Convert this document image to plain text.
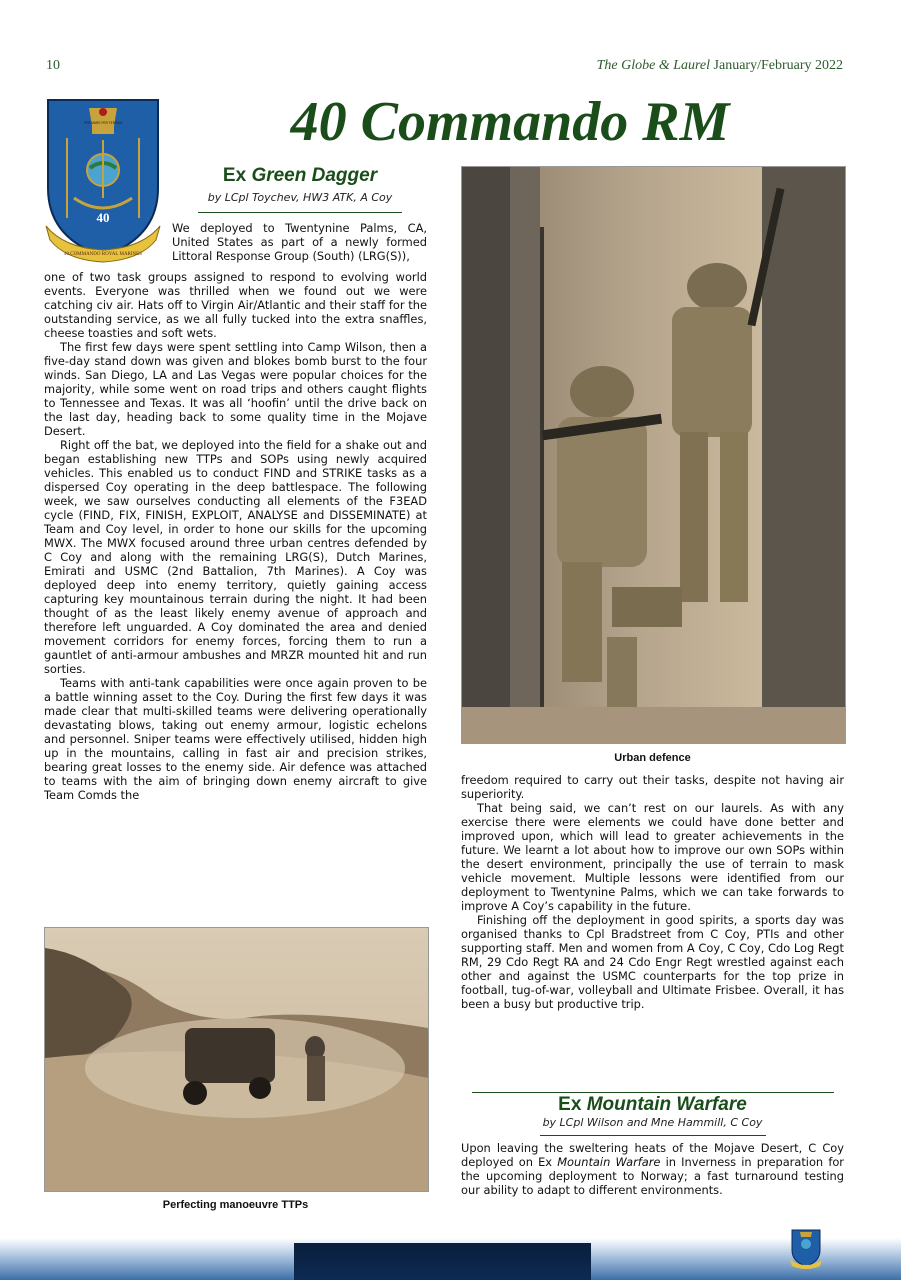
10	The Globe & Laurel January/February 2022
40
PER MARE PER TERRAM
40 COMMANDO ROYAL MARINES
40 Commando RM
Ex Green Dagger
by LCpl Toychev, HW3 ATK, A Coy

We deployed to Twentynine Palms, CA, United States as part of a newly formed Littoral Response Group (South) (LRG(S)),

one of two task groups assigned to respond to evolving world events. Everyone was thrilled when we found out we were catching civ air. Hats off to Virgin Air/Atlantic and their staff for the outstanding service, as we all fully tucked into the extra snaffles, cheese toasties and soft wets.

The first few days were spent settling into Camp Wilson, then a five-day stand down was given and blokes bomb burst to the four winds. San Diego, LA and Las Vegas were popular choices for the majority, while some went on road trips and others caught flights to Tennessee and Texas. It was all ‘hoofin’ until the drive back on the last day, heading back to some quality time in the Mojave Desert.

Right off the bat, we deployed into the field for a shake out and began establishing new TTPs and SOPs using newly acquired vehicles. This enabled us to conduct FIND and STRIKE tasks as a dispersed Coy operating in the deep battlespace. The following week, we saw ourselves conducting all elements of the F3EAD cycle (FIND, FIX, FINISH, EXPLOIT, ANALYSE and DISSEMINATE) at Team and Coy level, in order to hone our skills for the upcoming MWX. The MWX focused around three urban centres defended by C Coy and along with the remaining LRG(S), Dutch Marines, Emirati and USMC (2nd Battalion, 7th Marines). A Coy was deployed deep into enemy territory, quietly gaining access capturing key mountainous terrain during the night. It had been thought of as the least likely enemy avenue of approach and therefore left unguarded. A Coy dominated the area and denied movement corridors for enemy forces, forcing them to run a gauntlet of anti-armour ambushes and MRZR mounted hit and run sorties.

Teams with anti-tank capabilities were once again proven to be a battle winning asset to the Coy. During the first few days it was made clear that multi-skilled teams were delivering operationally devastating blows, taking out enemy armour, logistic echelons and personnel. Sniper teams were effectively utilised, hidden high up in the mountains, calling in fast air and precision strikes, bearing great losses to the enemy side. Air defence was attached to teams with the aim of bringing down enemy aircraft to give Team Comds the

Urban defence

freedom required to carry out their tasks, despite not having air superiority.

That being said, we can’t rest on our laurels. As with any exercise there were elements we could have done better and improved upon, which will lead to greater achievements in the future. We learnt a lot about how to improve our own SOPs within the desert environment, principally the use of terrain to mask vehicle movement. Multiple lessons were identified from our deployment to Twentynine Palms, which we can take forwards to improve A Coy’s capability in the future.

Finishing off the deployment in good spirits, a sports day was organised thanks to Cpl Bradstreet from C Coy, PTIs and other supporting staff. Men and women from A Coy, C Coy, Cdo Log Regt RM, 29 Cdo Regt RA and 24 Cdo Engr Regt wrestled against each other and against the USMC counterparts for the top prize in football, tug-of-war, volleyball and Ultimate Frisbee. Overall, it has been a busy but productive trip.

Perfecting manoeuvre TTPs
Ex Mountain Warfare
by LCpl Wilson and Mne Hammill, C Coy

Upon leaving the sweltering heats of the Mojave Desert, C Coy deployed on Ex Mountain Warfare in Inverness in preparation for the upcoming deployment to Norway; a fast turnaround testing our ability to adapt to different environments.
